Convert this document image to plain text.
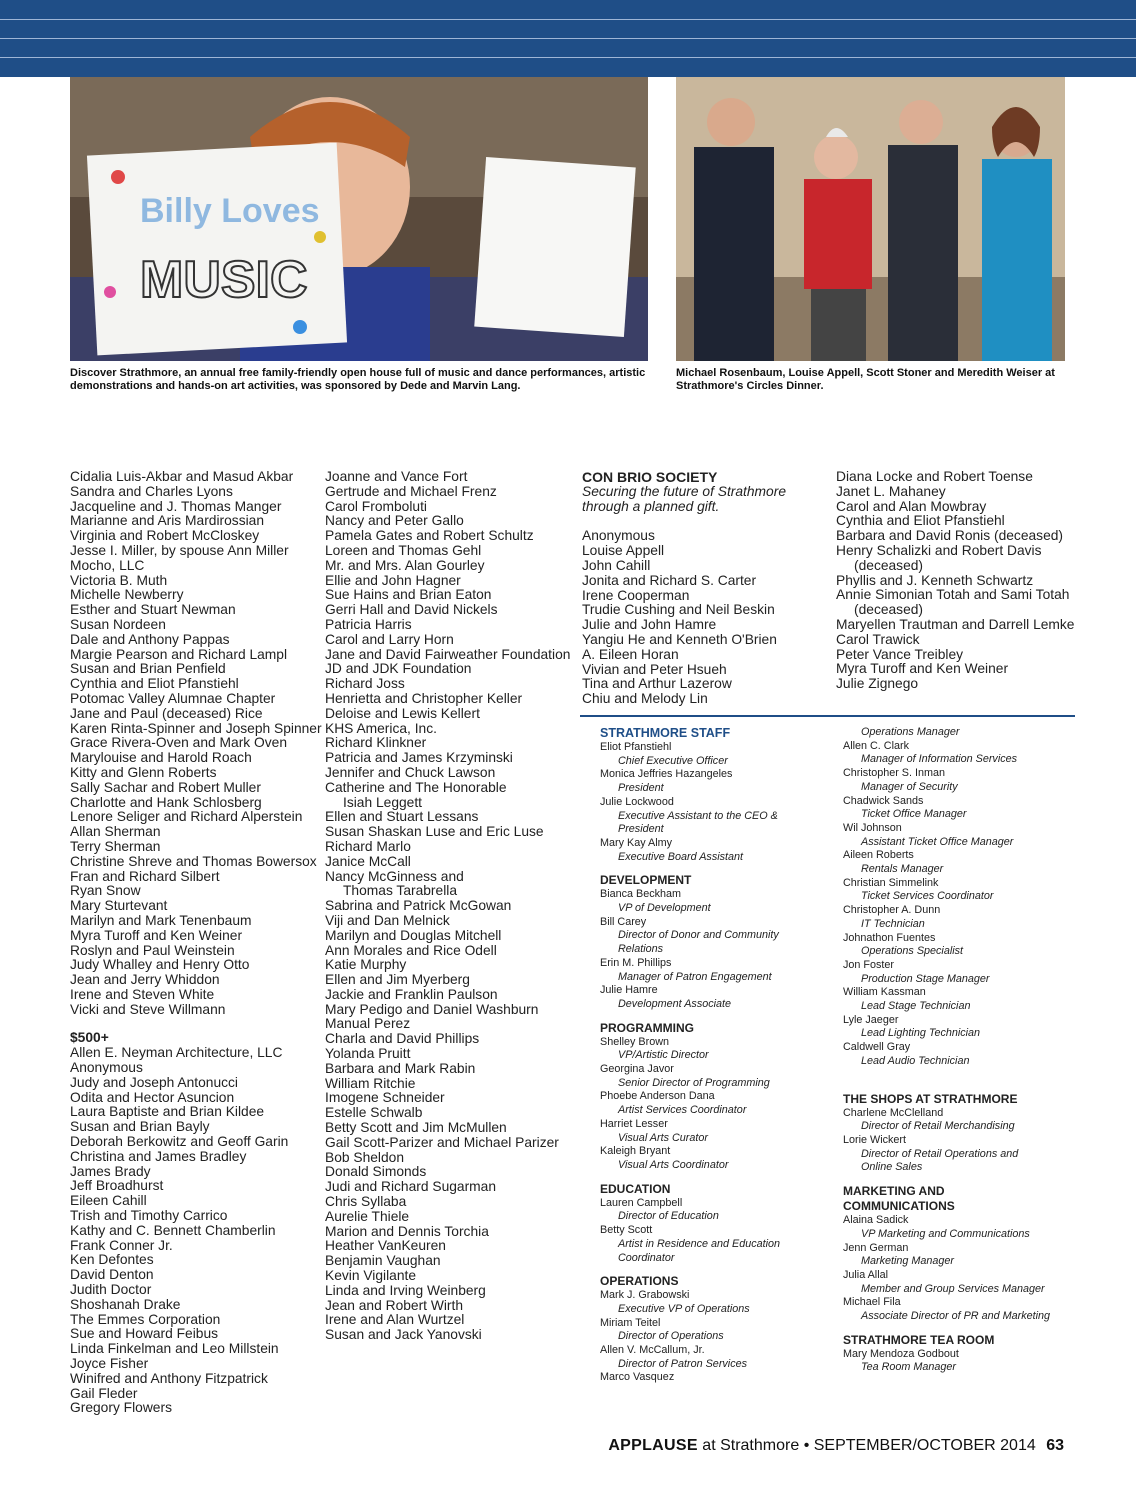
Billy Loves
MUSIC
Discover Strathmore, an annual free family-friendly open house full of music and dance performances, artistic demonstrations and hands-on art activities, was sponsored by Dede and Marvin Lang.
Michael Rosenbaum, Louise Appell, Scott Stoner and Meredith Weiser at Strathmore's Circles Dinner.
Cidalia Luis-Akbar and Masud Akbar
Sandra and Charles Lyons
Jacqueline and J. Thomas Manger
Marianne and Aris Mardirossian
Virginia and Robert McCloskey
Jesse I. Miller, by spouse Ann Miller
Mocho, LLC
Victoria B. Muth
Michelle Newberry
Esther and Stuart Newman
Susan Nordeen
Dale and Anthony Pappas
Margie Pearson and Richard Lampl
Susan and Brian Penfield
Cynthia and Eliot Pfanstiehl
Potomac Valley Alumnae Chapter
Jane and Paul (deceased) Rice
Karen Rinta-Spinner and Joseph Spinner
Grace Rivera-Oven and Mark Oven
Marylouise and Harold Roach
Kitty and Glenn Roberts
Sally Sachar and Robert Muller
Charlotte and Hank Schlosberg
Lenore Seliger and Richard Alperstein
Allan Sherman
Terry Sherman
Christine Shreve and Thomas Bowersox
Fran and Richard Silbert
Ryan Snow
Mary Sturtevant
Marilyn and Mark Tenenbaum
Myra Turoff and Ken Weiner
Roslyn and Paul Weinstein
Judy Whalley and Henry Otto
Jean and Jerry Whiddon
Irene and Steven White
Vicki and Steve Willmann
$500+
Allen E. Neyman Architecture, LLC
Anonymous
Judy and Joseph Antonucci
Odita and Hector Asuncion
Laura Baptiste and Brian Kildee
Susan and Brian Bayly
Deborah Berkowitz and Geoff Garin
Christina and James Bradley
James Brady
Jeff Broadhurst
Eileen Cahill
Trish and Timothy Carrico
Kathy and C. Bennett Chamberlin
Frank Conner Jr.
Ken Defontes
David Denton
Judith Doctor
Shoshanah Drake
The Emmes Corporation
Sue and Howard Feibus
Linda Finkelman and Leo Millstein
Joyce Fisher
Winifred and Anthony Fitzpatrick
Gail Fleder
Gregory Flowers
Joanne and Vance Fort
Gertrude and Michael Frenz
Carol Fromboluti
Nancy and Peter Gallo
Pamela Gates and Robert Schultz
Loreen and Thomas Gehl
Mr. and Mrs. Alan Gourley
Ellie and John Hagner
Sue Hains and Brian Eaton
Gerri Hall and David Nickels
Patricia Harris
Carol and Larry Horn
Jane and David Fairweather Foundation
JD and JDK Foundation
Richard Joss
Henrietta and Christopher Keller
Deloise and Lewis Kellert
KHS America, Inc.
Richard Klinkner
Patricia and James Krzyminski
Jennifer and Chuck Lawson
Catherine and The Honorable
Isiah Leggett
Ellen and Stuart Lessans
Susan Shaskan Luse and Eric Luse
Richard Marlo
Janice McCall
Nancy McGinness and
Thomas Tarabrella
Sabrina and Patrick McGowan
Viji and Dan Melnick
Marilyn and Douglas Mitchell
Ann Morales and Rice Odell
Katie Murphy
Ellen and Jim Myerberg
Jackie and Franklin Paulson
Mary Pedigo and Daniel Washburn
Manual Perez
Charla and David Phillips
Yolanda Pruitt
Barbara and Mark Rabin
William Ritchie
Imogene Schneider
Estelle Schwalb
Betty Scott and Jim McMullen
Gail Scott-Parizer and Michael Parizer
Bob Sheldon
Donald Simonds
Judi and Richard Sugarman
Chris Syllaba
Aurelie Thiele
Marion and Dennis Torchia
Heather VanKeuren
Benjamin Vaughan
Kevin Vigilante
Linda and Irving Weinberg
Jean and Robert Wirth
Irene and Alan Wurtzel
Susan and Jack Yanovski
CON BRIO SOCIETY
Securing the future of Strathmore
through a planned gift.
Anonymous
Louise Appell
John Cahill
Jonita and Richard S. Carter
Irene Cooperman
Trudie Cushing and Neil Beskin
Julie and John Hamre
Yangiu He and Kenneth O'Brien
A. Eileen Horan
Vivian and Peter Hsueh
Tina and Arthur Lazerow
Chiu and Melody Lin
Diana Locke and Robert Toense
Janet L. Mahaney
Carol and Alan Mowbray
Cynthia and Eliot Pfanstiehl
Barbara and David Ronis (deceased)
Henry Schalizki and Robert Davis
(deceased)
Phyllis and J. Kenneth Schwartz
Annie Simonian Totah and Sami Totah
(deceased)
Maryellen Trautman and Darrell Lemke
Carol Trawick
Peter Vance Treibley
Myra Turoff and Ken Weiner
Julie Zignego
STRATHMORE STAFF
Eliot Pfanstiehl
Chief Executive Officer
Monica Jeffries Hazangeles
President
Julie Lockwood
Executive Assistant to the CEO &
President
Mary Kay Almy
Executive Board Assistant
DEVELOPMENT
Bianca Beckham
VP of Development
Bill Carey
Director of Donor and Community
Relations
Erin M. Phillips
Manager of Patron Engagement
Julie Hamre
Development Associate
PROGRAMMING
Shelley Brown
VP/Artistic Director
Georgina Javor
Senior Director of Programming
Phoebe Anderson Dana
Artist Services Coordinator
Harriet Lesser
Visual Arts Curator
Kaleigh Bryant
Visual Arts Coordinator
EDUCATION
Lauren Campbell
Director of Education
Betty Scott
Artist in Residence and Education
Coordinator
OPERATIONS
Mark J. Grabowski
Executive VP of Operations
Miriam Teitel
Director of Operations
Allen V. McCallum, Jr.
Director of Patron Services
Marco Vasquez
Operations Manager
Allen C. Clark
Manager of Information Services
Christopher S. Inman
Manager of Security
Chadwick Sands
Ticket Office Manager
Wil Johnson
Assistant Ticket Office Manager
Aileen Roberts
Rentals Manager
Christian Simmelink
Ticket Services Coordinator
Christopher A. Dunn
IT Technician
Johnathon Fuentes
Operations Specialist
Jon Foster
Production Stage Manager
William Kassman
Lead Stage Technician
Lyle Jaeger
Lead Lighting Technician
Caldwell Gray
Lead Audio Technician
THE SHOPS AT STRATHMORE
Charlene McClelland
Director of Retail Merchandising
Lorie Wickert
Director of Retail Operations and
Online Sales
MARKETING AND
COMMUNICATIONS
Alaina Sadick
VP Marketing and Communications
Jenn German
Marketing Manager
Julia Allal
Member and Group Services Manager
Michael Fila
Associate Director of PR and Marketing
STRATHMORE TEA ROOM
Mary Mendoza Godbout
Tea Room Manager
APPLAUSE at Strathmore • SEPTEMBER/OCTOBER 2014 63
